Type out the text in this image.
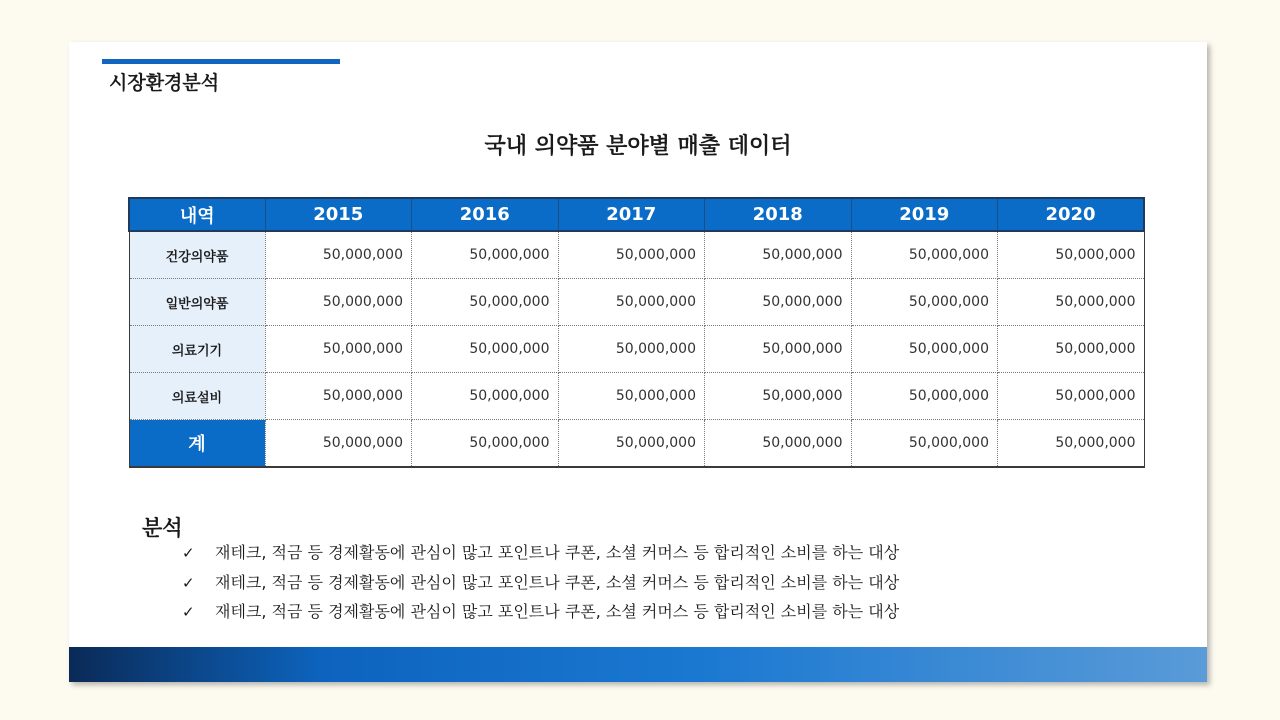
시장환경분석
국내 의약품 분야별 매출 데이터
내역	2015	2016	2017	2018	2019	2020
건강의약품	50,000,000	50,000,000	50,000,000	50,000,000	50,000,000	50,000,000
일반의약품	50,000,000	50,000,000	50,000,000	50,000,000	50,000,000	50,000,000
의료기기	50,000,000	50,000,000	50,000,000	50,000,000	50,000,000	50,000,000
의료설비	50,000,000	50,000,000	50,000,000	50,000,000	50,000,000	50,000,000
계	50,000,000	50,000,000	50,000,000	50,000,000	50,000,000	50,000,000
분석
✓ 재테크, 적금 등 경제활동에 관심이 많고 포인트나 쿠폰, 소셜 커머스 등 합리적인 소비를 하는 대상
✓ 재테크, 적금 등 경제활동에 관심이 많고 포인트나 쿠폰, 소셜 커머스 등 합리적인 소비를 하는 대상
✓ 재테크, 적금 등 경제활동에 관심이 많고 포인트나 쿠폰, 소셜 커머스 등 합리적인 소비를 하는 대상
